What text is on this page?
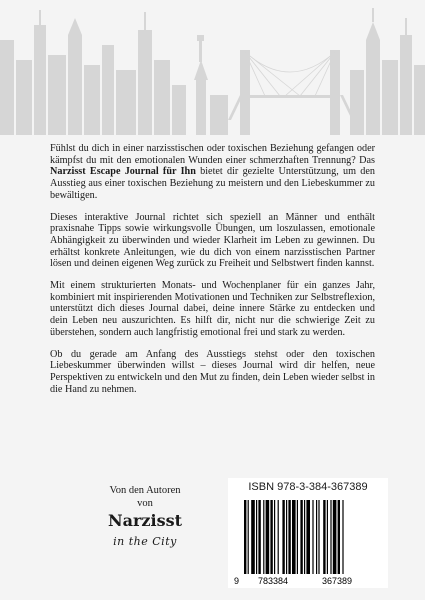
Fühlst du dich in einer narzisstischen oder toxischen Beziehung gefangen oder kämpfst du mit den emotionalen Wunden einer schmerzhaften Trennung? Das Narzisst Escape Journal für Ihn bietet dir gezielte Unterstützung, um den Ausstieg aus einer toxischen Beziehung zu meistern und den Liebeskummer zu bewältigen.

Dieses interaktive Journal richtet sich speziell an Männer und enthält praxisnahe Tipps sowie wirkungsvolle Übungen, um loszulassen, emotionale Abhängigkeit zu überwinden und wieder Klarheit im Leben zu gewinnen. Du erhältst konkrete Anleitungen, wie du dich von einem narzisstischen Partner lösen und deinen eigenen Weg zurück zu Freiheit und Selbstwert finden kannst.

Mit einem strukturierten Monats- und Wochenplaner für ein ganzes Jahr, kombiniert mit inspirierenden Motivationen und Techniken zur Selbstreflexion, unterstützt dich dieses Journal dabei, deine innere Stärke zu entdecken und dein Leben neu auszurichten. Es hilft dir, nicht nur die schwierige Zeit zu überstehen, sondern auch langfristig emotional frei und stark zu werden.

Ob du gerade am Anfang des Ausstiegs stehst oder den toxischen Liebeskummer überwinden willst – dieses Journal wird dir helfen, neue Perspektiven zu entwickeln und den Mut zu finden, dein Leben wieder selbst in die Hand zu nehmen.

Von den Autoren
von
Narzisst
in the City
ISBN 978-3-384-367389
9 783384	367389
